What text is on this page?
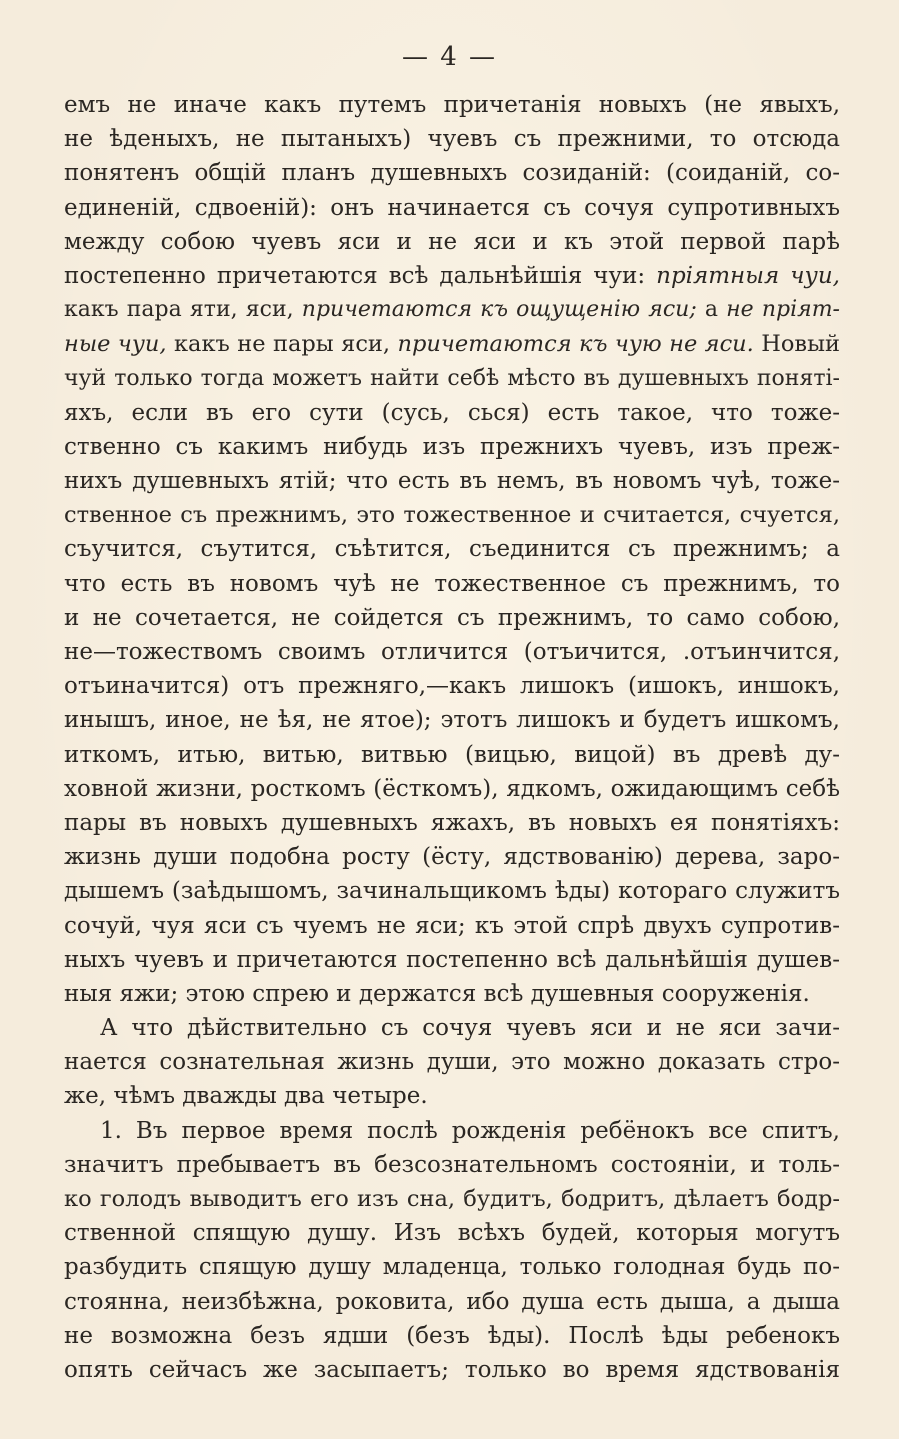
— 4 —
емъ не иначе какъ путемъ причетанія новыхъ (не явыхъ,
не ѣденыхъ, не пытаныхъ) чуевъ съ прежними, то отсюда
понятенъ общій планъ душевныхъ созиданій: (соиданій, со-
единеній, сдвоеній): онъ начинается съ сочуя супротивныхъ
между собою чуевъ яси и не яси и къ этой первой парѣ
постепенно причетаются всѣ дальнѣйшія чуи: пріятныя чуи,
какъ пара яти, яси, причетаются къ ощущенію яси; а не пріят-
ные чуи, какъ не пары яси, причетаются къ чую не яси. Новый
чуй только тогда можетъ найти себѣ мѣсто въ душевныхъ поняті-
яхъ, если въ его сути (сусь, сься) есть такое, что тоже-
ственно съ какимъ нибудь изъ прежнихъ чуевъ, изъ преж-
нихъ душевныхъ ятій; что есть въ немъ, въ новомъ чуѣ, тоже-
ственное съ прежнимъ, это тожественное и считается, счуется,
съучится, съутится, съѣтится, съединится съ прежнимъ; а
что есть въ новомъ чуѣ не тожественное съ прежнимъ, то
и не сочетается, не сойдется съ прежнимъ, то само собою,
не—тожествомъ своимъ отличится (отъичится, .отъинчится,
отъиначится) отъ прежняго,—какъ лишокъ (ишокъ, иншокъ,
инышъ, иное, не ѣя, не ятое); этотъ лишокъ и будетъ ишкомъ,
иткомъ, итью, витью, витвью (вицью, вицой) въ древѣ ду-
ховной жизни, росткомъ (ёсткомъ), ядкомъ, ожидающимъ себѣ
пары въ новыхъ душевныхъ яжахъ, въ новыхъ ея понятіяхъ:
жизнь души подобна росту (ёсту, ядствованію) дерева, заро-
дышемъ (заѣдышомъ, зачинальщикомъ ѣды) котораго служитъ
сочуй, чуя яси съ чуемъ не яси; къ этой спрѣ двухъ супротив-
ныхъ чуевъ и причетаются постепенно всѣ дальнѣйшія душев-
ныя яжи; этою спрею и держатся всѣ душевныя сооруженія.
А что дѣйствительно съ сочуя чуевъ яси и не яси зачи-
нается сознательная жизнь души, это можно доказать стро-
же, чѣмъ дважды два четыре.
1. Въ первое время послѣ рожденія ребёнокъ все спитъ,
значитъ пребываетъ въ безсознательномъ состояніи, и толь-
ко голодъ выводитъ его изъ сна, будитъ, бодритъ, дѣлаетъ бодр-
ственной спящую душу. Изъ всѣхъ будей, которыя могутъ
разбудить спящую душу младенца, только голодная будь по-
стоянна, неизбѣжна, роковита, ибо душа есть дыша, а дыша
не возможна безъ ядши (безъ ѣды). Послѣ ѣды ребенокъ
опять сейчасъ же засыпаетъ; только во время ядствованія
